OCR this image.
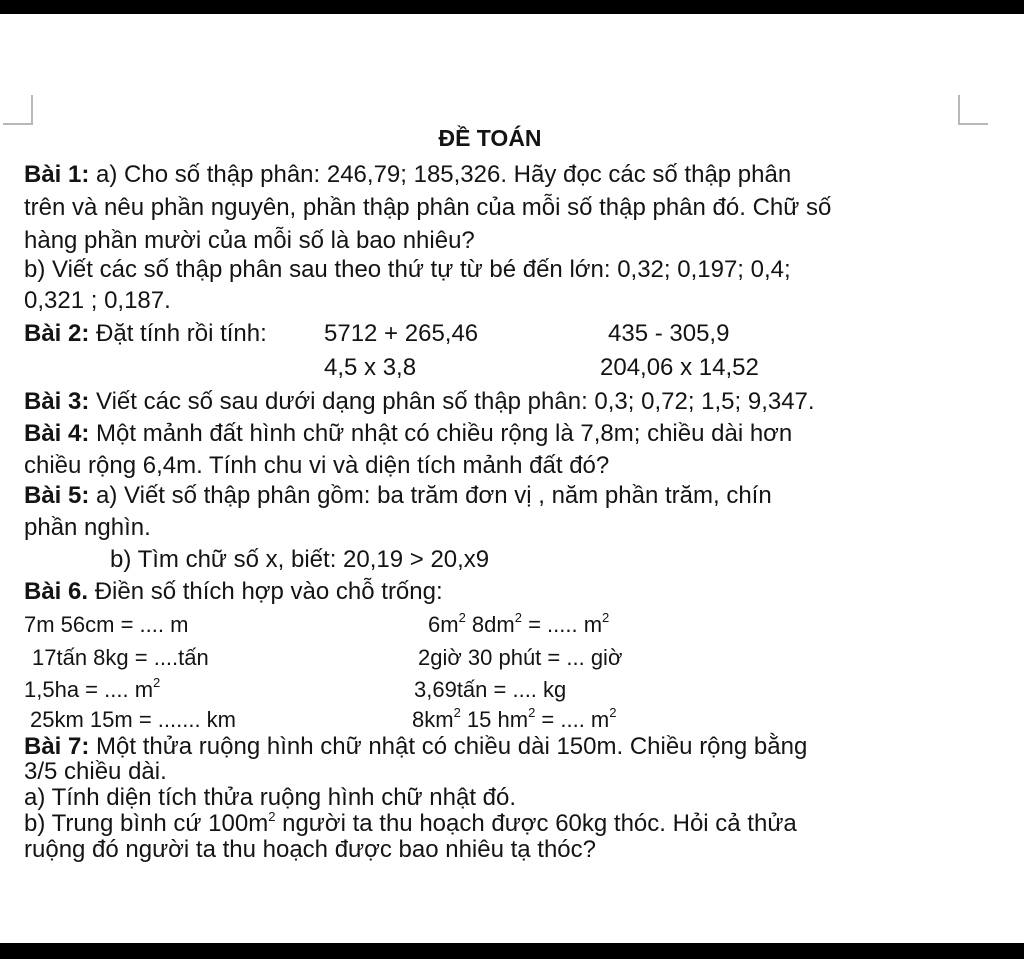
ĐỀ TOÁN
Bài 1: a) Cho số thập phân: 246,79; 185,326. Hãy đọc các số thập phân
trên và nêu phần nguyên, phần thập phân của mỗi số thập phân đó. Chữ số
hàng phần mười của mỗi số là bao nhiêu?
b) Viết các số thập phân sau theo thứ tự từ bé đến lớn: 0,32; 0,197; 0,4;
0,321 ; 0,187.
Bài 2: Đặt tính rồi tính: 5712 + 265,46	435 - 305,9
4,5 x 3,8	204,06 x 14,52
Bài 3: Viết các số sau dưới dạng phân số thập phân: 0,3; 0,72; 1,5; 9,347.
Bài 4: Một mảnh đất hình chữ nhật có chiều rộng là 7,8m; chiều dài hơn
chiều rộng 6,4m. Tính chu vi và diện tích mảnh đất đó?
Bài 5: a) Viết số thập phân gồm: ba trăm đơn vị , năm phần trăm, chín
phần nghìn.
b) Tìm chữ số x, biết: 20,19 > 20,x9
Bài 6. Điền số thích hợp vào chỗ trống:
7m 56cm = .... m	$6m^2$ $8dm^2$ = ..... $m^2$
17tấn 8kg = ....tấn	2giờ 30 phút = ... giờ
1,5ha = .... $m^2$	3,69tấn = .... kg
25km 15m = ....... km	$8km^2$ 15 $hm^2$ = .... $m^2$
Bài 7: Một thửa ruộng hình chữ nhật có chiều dài 150m. Chiều rộng bằng
3/5 chiều dài.
a) Tính diện tích thửa ruộng hình chữ nhật đó.
b) Trung bình cứ $100m^2$ người ta thu hoạch được 60kg thóc. Hỏi cả thửa
ruộng đó người ta thu hoạch được bao nhiêu tạ thóc?
